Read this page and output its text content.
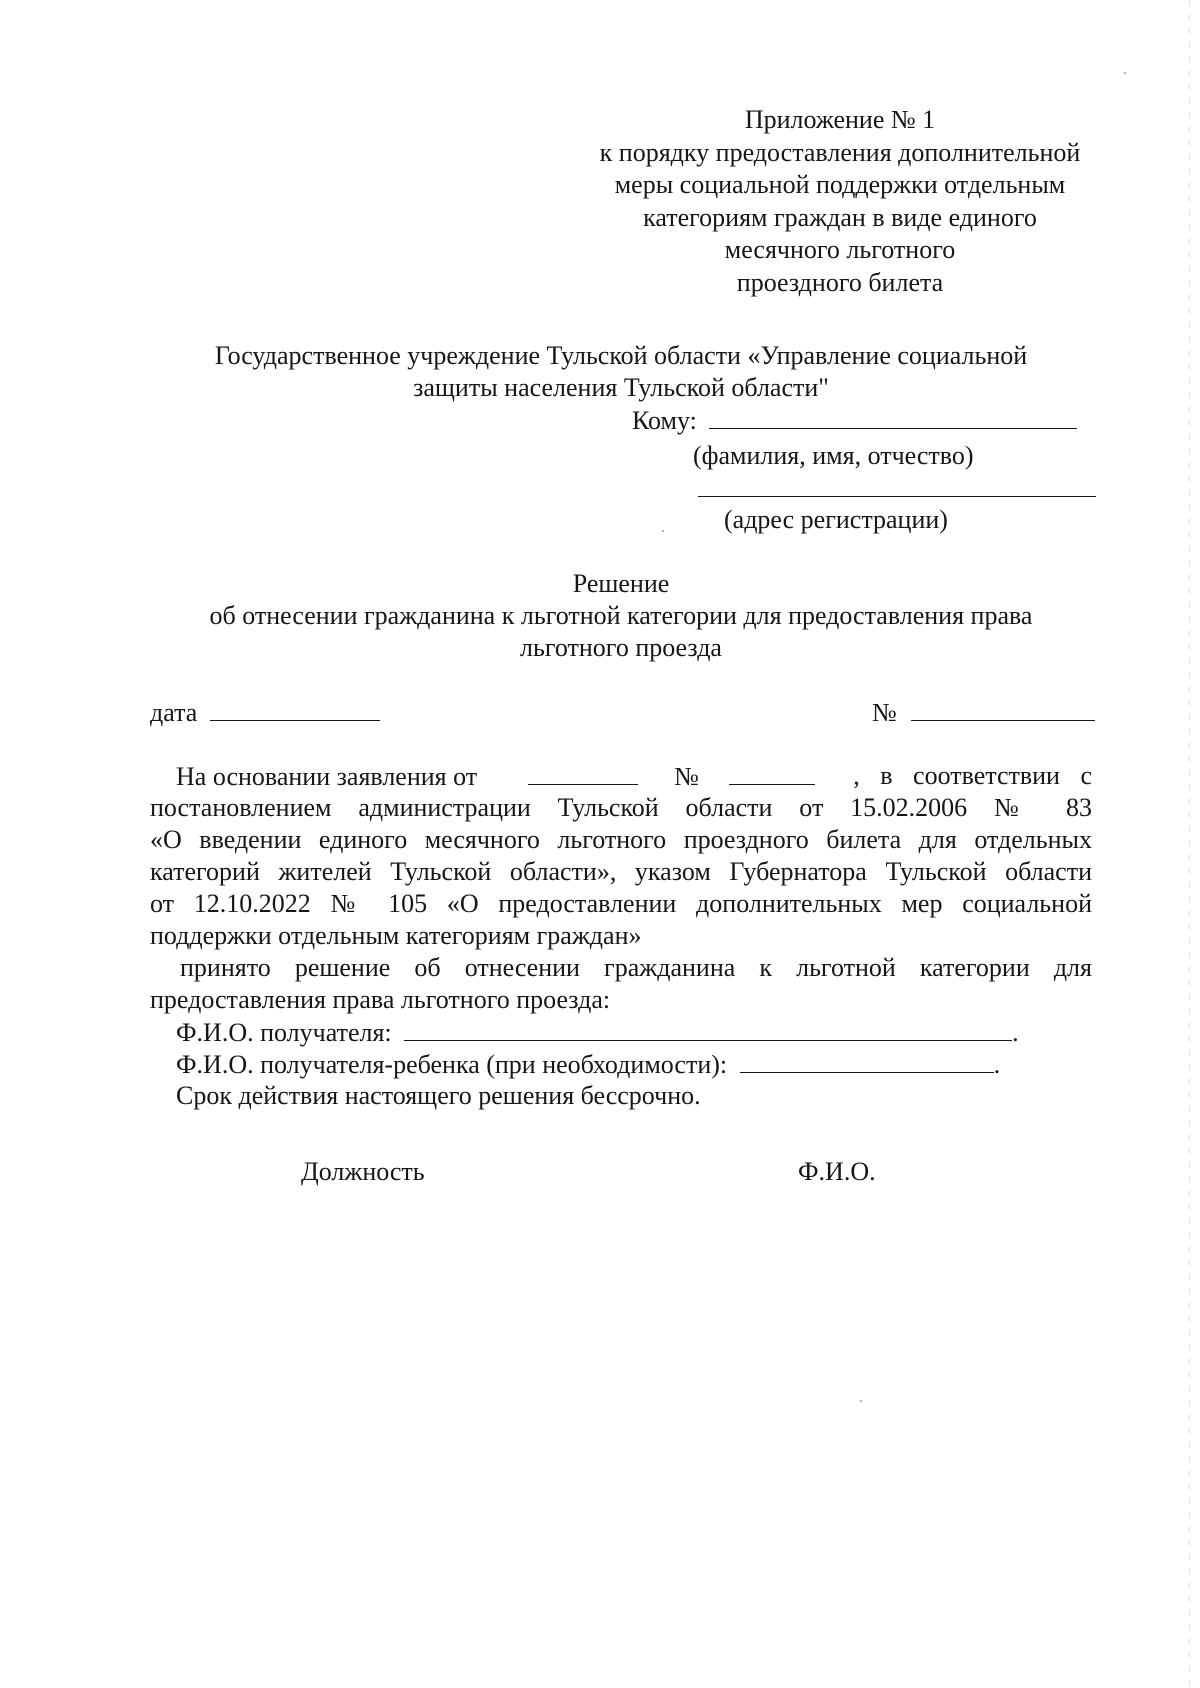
Приложение № 1
к порядку предоставления дополнительной
меры социальной поддержки отдельным
категориям граждан в виде единого
месячного льготного
проездного билета
Государственное учреждение Тульской области «Управление социальной
защиты населения Тульской области"
Кому:
(фамилия, имя, отчество)
(адрес регистрации)
Решение
об отнесении гражданина к льготной категории для предоставления права
льготного проезда
дата	№
На основании заявления от	№	, в соответствии с
постановлением администрации Тульской области от 15.02.2006 № 83
«О введении единого месячного льготного проездного билета для отдельных
категорий жителей Тульской области», указом Губернатора Тульской области
от 12.10.2022 № 105 «О предоставлении дополнительных мер социальной
поддержки отдельным категориям граждан»
принято решение об отнесении гражданина к льготной категории для
предоставления права льготного проезда:
Ф.И.О. получателя:	.
Ф.И.О. получателя-ребенка (при необходимости):	.
Срок действия настоящего решения бессрочно.
Должность	Ф.И.О.
